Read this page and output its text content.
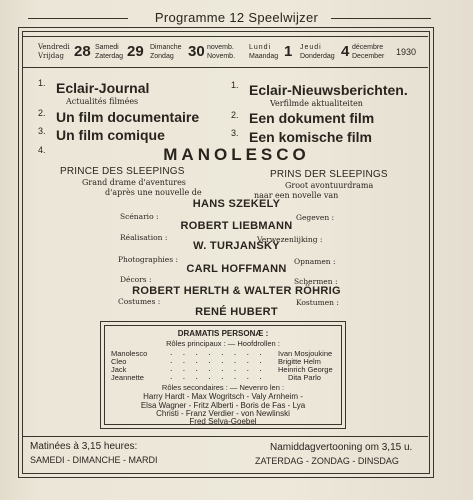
Programme 12 Speelwijzer
Vendredi
Vrijdag 28 Samedi
Zaterdag 29 Dimanche
Zondag 30 novemb.
Novemb.
Lundi
Maandag 1 Jeudi
Donderdag 4 décembre
December 1930
1. Eclair-Journal
Actualités filmées
2. Un film documentaire
3. Un film comique
4.
1. Eclair-Nieuwsberichten.
Verfilmde aktualiteiten
2. Een dokument film
3. Een komische film
MANOLESCO
PRINCE DES SLEEPINGS
Grand drame d'aventures
d'après une nouvelle de
PRINS DER SLEEPINGS
Groot avontuurdrama
naar een novelle van
HANS SZEKELY
Scénario :	Gegeven :
ROBERT LIEBMANN
Réalisation :	Verwezenlijking :
W. TURJANSKY
Photographies :	Opnamen :
CARL HOFFMANN
Décors :	Schermen :
ROBERT HERLTH & WALTER RÖHRIG
Costumes :	Kostumen :
RENÉ HUBERT
DRAMATIS PERSONÆ :
Rôles principaux : — Hoofdrollen :
Manolesco	. . . . . . . . Ivan Mosjoukine
Cleo	. . . . . . . . Brigitte Helm
Jack	. . . . . . . . Heinrich George
Jeannette	. . . . . . . .	Dita Parlo
Rôles secondaires : — Nevenro len :
Harry Hardt - Max Wogritsch - Valy Arnheim -
Elsa Wagner - Fritz Alberti - Boris de Fas - Lya
Christi - Franz Verdier - von Newlinski
Fred Selva-Goebel
Matinées à 3,15 heures:
SAMEDI - DIMANCHE - MARDI
Namiddagvertooning om 3,15 u.
ZATERDAG - ZONDAG - DINSDAG
